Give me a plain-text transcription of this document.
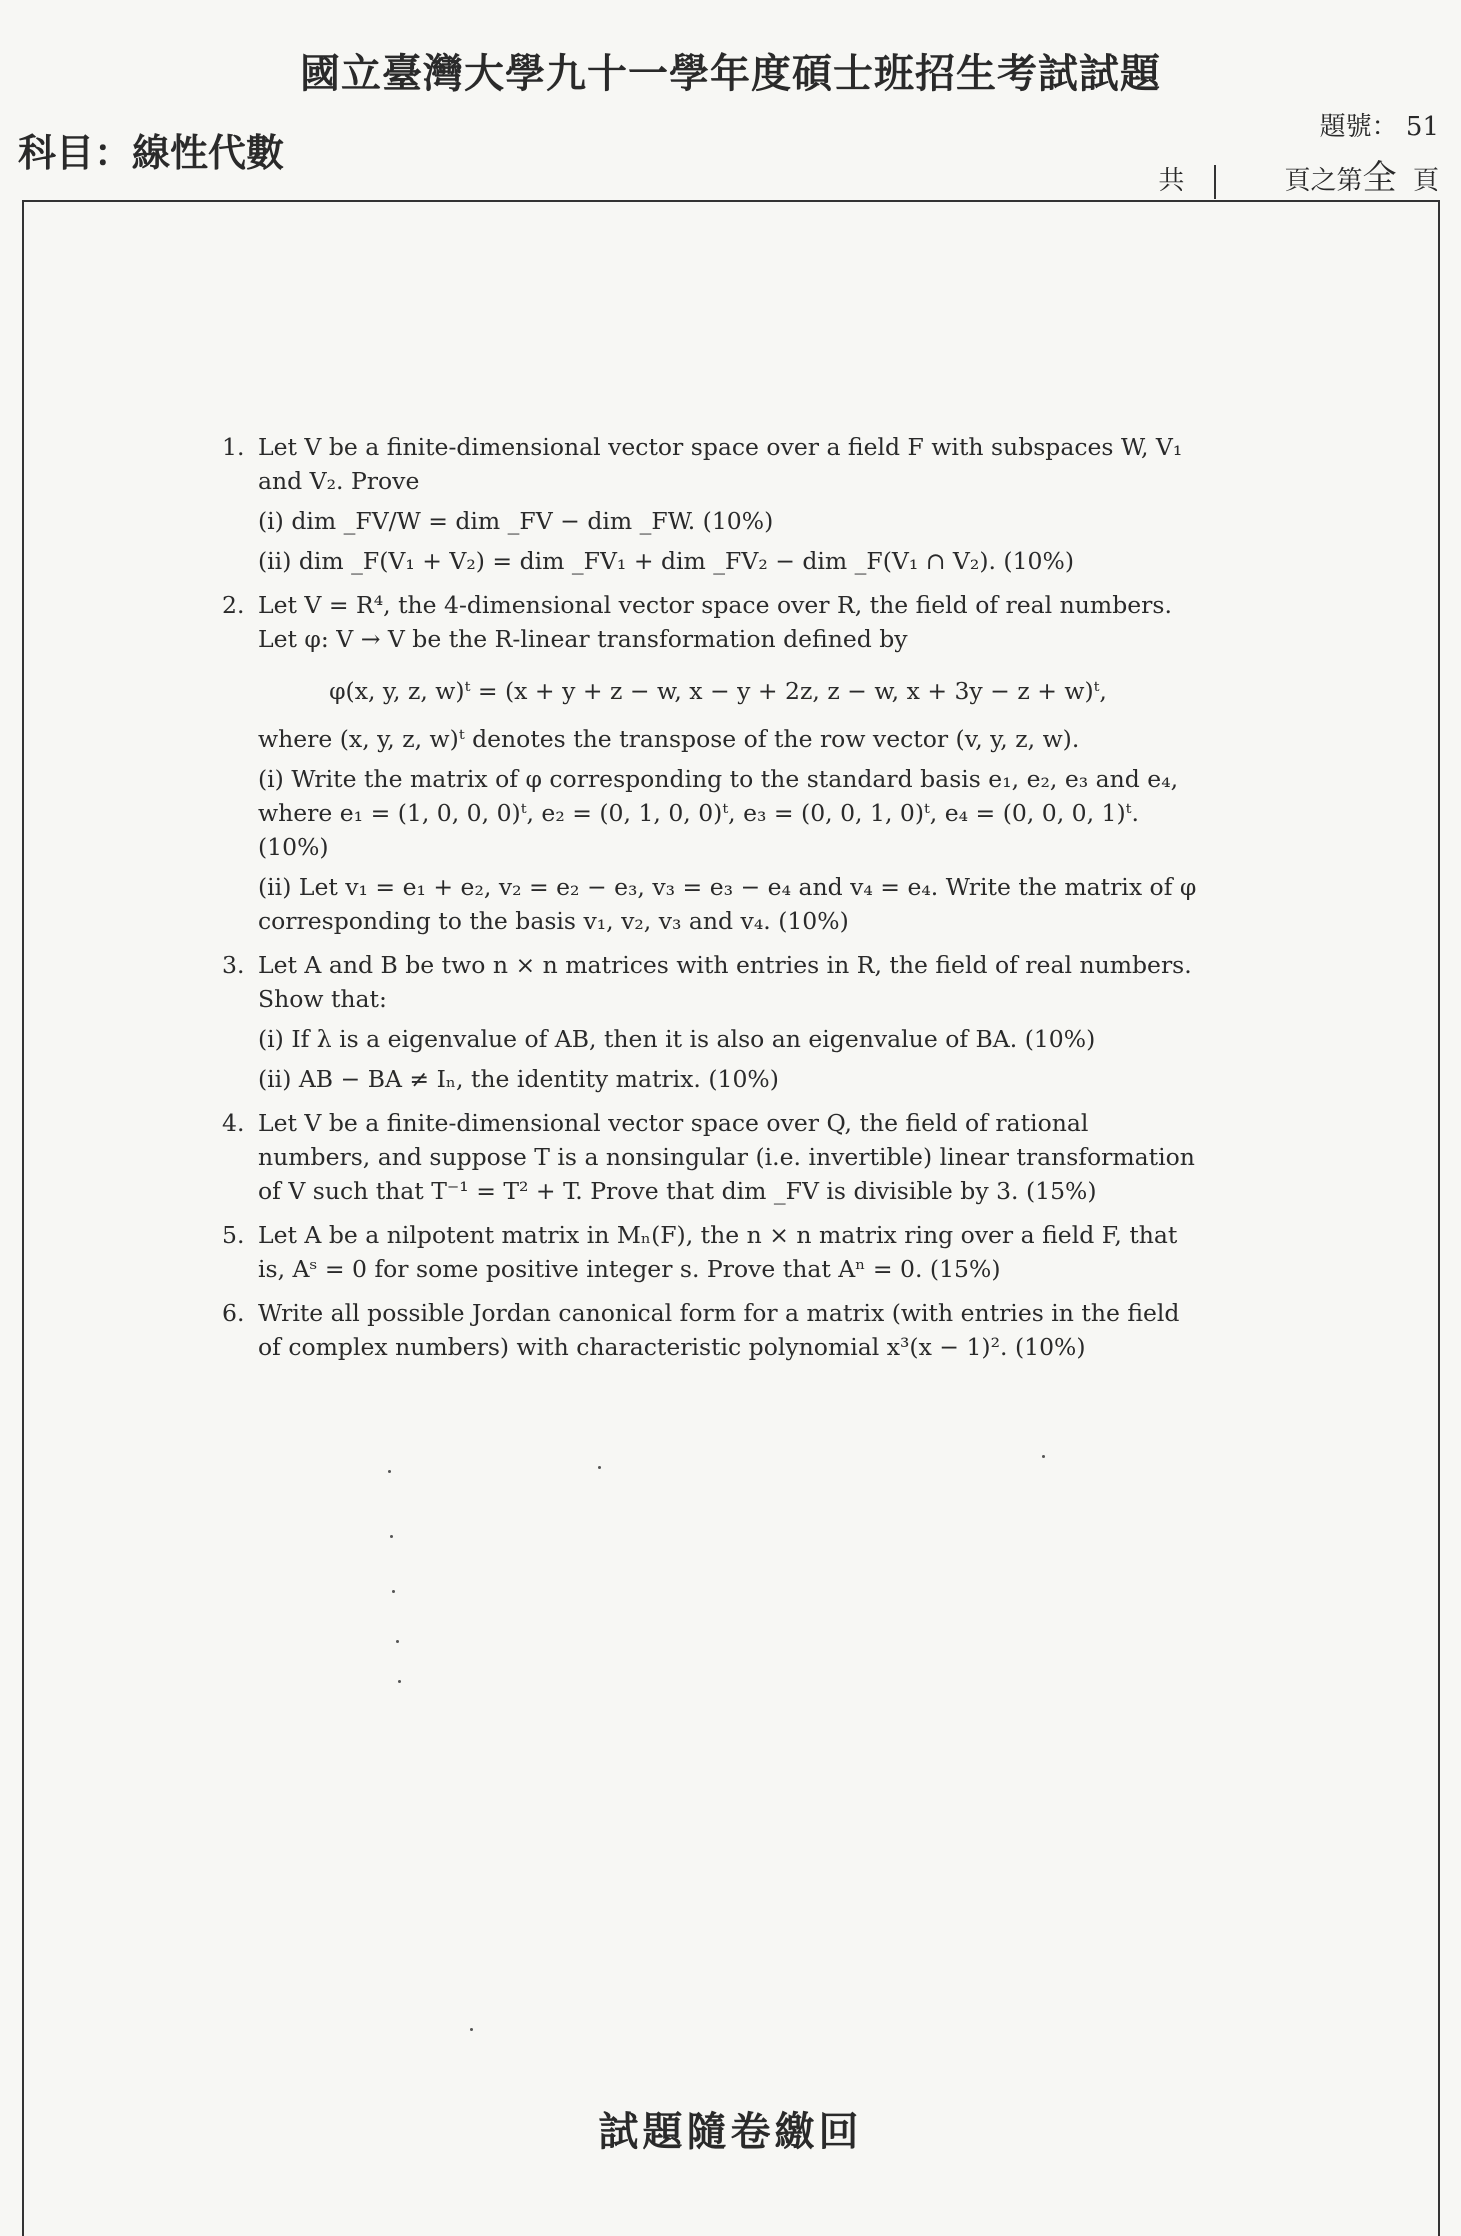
國立臺灣大學九十一學年度碩士班招生考試試題
科目：線性代數
題號： 51
共	頁之第全 頁
1. Let V be a finite-dimensional vector space over a field F with subspaces W, V₁ and V₂. Prove
(i) dim _FV/W = dim _FV − dim _FW. (10%)
(ii) dim _F(V₁ + V₂) = dim _FV₁ + dim _FV₂ − dim _F(V₁ ∩ V₂). (10%)
2. Let V = R⁴, the 4-dimensional vector space over R, the field of real numbers. Let φ: V → V be the R-linear transformation defined by
φ(x, y, z, w)ᵗ = (x + y + z − w, x − y + 2z, z − w, x + 3y − z + w)ᵗ,
where (x, y, z, w)ᵗ denotes the transpose of the row vector (v, y, z, w).
(i) Write the matrix of φ corresponding to the standard basis e₁, e₂, e₃ and e₄, where e₁ = (1, 0, 0, 0)ᵗ, e₂ = (0, 1, 0, 0)ᵗ, e₃ = (0, 0, 1, 0)ᵗ, e₄ = (0, 0, 0, 1)ᵗ. (10%)
(ii) Let v₁ = e₁ + e₂, v₂ = e₂ − e₃, v₃ = e₃ − e₄ and v₄ = e₄. Write the matrix of φ corresponding to the basis v₁, v₂, v₃ and v₄. (10%)
3. Let A and B be two n × n matrices with entries in R, the field of real numbers. Show that:
(i) If λ is a eigenvalue of AB, then it is also an eigenvalue of BA. (10%)
(ii) AB − BA ≠ Iₙ, the identity matrix. (10%)
4. Let V be a finite-dimensional vector space over Q, the field of rational numbers, and suppose T is a nonsingular (i.e. invertible) linear transformation of V such that T⁻¹ = T² + T. Prove that dim _FV is divisible by 3. (15%)
5. Let A be a nilpotent matrix in Mₙ(F), the n × n matrix ring over a field F, that is, Aˢ = 0 for some positive integer s. Prove that Aⁿ = 0. (15%)
6. Write all possible Jordan canonical form for a matrix (with entries in the field of complex numbers) with characteristic polynomial x³(x − 1)². (10%)
試題隨卷繳回
